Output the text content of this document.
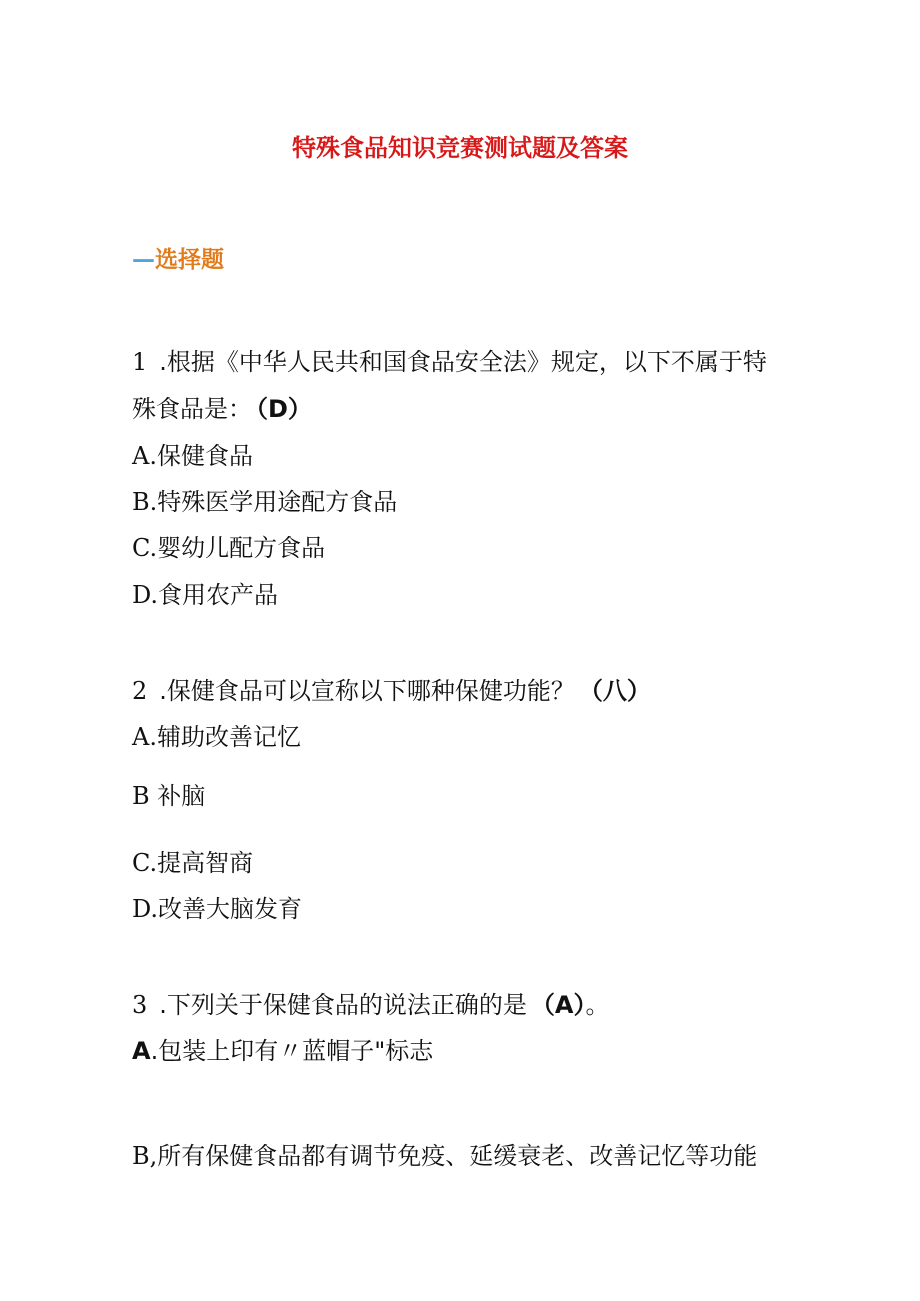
特殊食品知识竞赛测试题及答案
—选择题
1 .根据《中华人民共和国食品安全法》规定，以下不属于特
殊食品是： （D）
A.保健食品
B.特殊医学用途配方食品
C.婴幼儿配方食品
D.食用农产品
2 .保健食品可以宣称以下哪种保健功能？ （八）
A.辅助改善记忆
B 补脑
C.提高智商
D.改善大脑发育
3 .下列关于保健食品的说法正确的是 （A）。
A.包装上印有〃蓝帽子"标志
B,所有保健食品都有调节免疫、延缓衰老、改善记忆等功能
